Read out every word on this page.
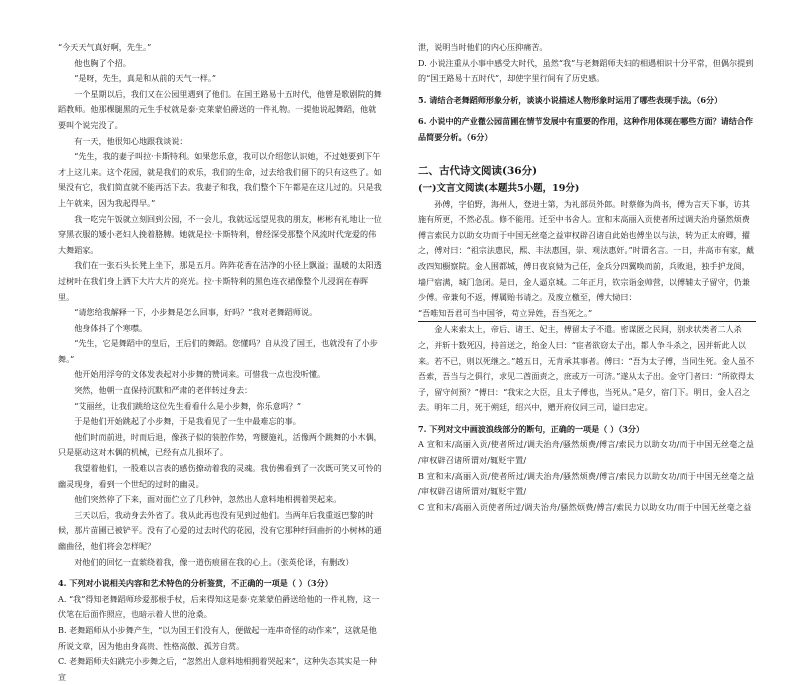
“今天天气真好啊，先生。”

他也胸了个招。

“是呀，先生，真是和从前的天气一样。”

一个星期以后，我们又在公园里遇到了他们。在国王路易十五时代，他曾是歌剧院的舞蹈教师。他那棵腿黑的元生手杖就是泰·克莱蒙伯爵送的一件礼物。一提他说起舞蹈，他就要叫个说完没了。

有一天，他很知心地跟我谈说：

“先生，我的妻子叫拉·卡斯特利。如果您乐意，我可以介绍您认识她，不过她要到下午才上这儿来。这个花园，就是我们的欢乐，我们的生命，过去给我们留下的只有这些了。如果没有它，我们简直就不能再活下去。我妻子和我，我们整个下午都是在这儿过的。只是我上午就来，因为我起得早。”

我一吃完午饭就立刻回到公园，不一会儿，我就远远望见我的朋友，彬彬有礼地让一位穿黑衣服的矮小老妇人挽着胳膊。她就是拉·卡斯特利，曾经深受那整个风流时代宠爱的伟大舞蹈家。

我们在一张石头长凳上坐下，那是五月。阵阵花香在洁净的小径上飘溢；温暖的太阳透过树叶在我们身上洒下大片大片的亮光。拉·卡斯特利的黑色连衣裙像整个儿浸润在春晖里。

“请您给我解释一下，小步舞是怎么回事，好吗？”我对老舞蹈师说。

他身体抖了个寒噤。

“先生，它是舞蹈中的皇后，王后们的舞蹈。您懂吗？自从没了国王，也就没有了小步舞。”

他开始用浮夸的文体发表起对小步舞的赞词来。可惜我一点也没听懂。

突然，他朝一直保持沉默和严肃的老伴转过身去：

“艾丽丝，让我们跳给这位先生看看什么是小步舞，你乐意吗？”

于是他们开始跳起了小步舞，于是我看见了一生中最难忘的事。

他们时而前进，时而后退，像孩子似的装腔作势，弯腰施礼，活像两个跳舞的小木偶，只是驱动这对木偶的机械，已经有点儿损坏了。

我望着他们，一股难以言表的感伤撩动着我的灵魂。我仿佛看到了一次既可笑又可怜的幽灵现身，看到一个世纪的过时的幽灵。

他们突然停了下来，面对面伫立了几秒钟，忽然出人意料地相拥着哭起来。

三天以后，我动身去外省了。我从此再也没有见到过他们。当两年后我重返巴黎的时候，那片苗圃已被铲平。没有了心爱的过去时代的花园，没有它那种纡回曲折的小树林的通幽曲径，他们将会怎样呢？

对他们的回忆一直萦绕着我，像一道伤痕留在我的心上。（张英伦译，有删改）

4. 下列对小说相关内容和艺术特色的分析鉴赏，不正确的一项是（ ）（3分）

A. “我”得知老舞蹈师珍爱那根手杖，后来得知这是泰·克莱蒙伯爵送给他的一件礼物，这一伏笔在后面作照应，也暗示着人世的沧桑。

B. 老舞蹈师从小步舞产生，“以为国王们没有人，便做起一连串奇怪的动作来”，这就是他所说文章，因为他由身高贵、性格高傲、孤芳自赏。

C. 老舞蹈师夫妇跳完小步舞之后，“忽然出人意料地相拥着哭起来”，这种失态其实是一种宣

泄，说明当时他们的内心压抑痛苦。

D. 小说注重从小事中感受大时代，虽然“我”与老舞蹈师夫妇的相遇相识十分平常，但偶尔提到的“国王路易十五时代”，却使字里行间有了历史感。

5. 请结合老舞蹈师形象分析，谈谈小说描述人物形象时运用了哪些表现手法。（6分）

6. 小说中的产业徹公园苗圃在情节发展中有重要的作用，这种作用体现在哪些方面？请结合作品简要分析。（6分）

二、古代诗文阅读(36分)

(一)文言文阅读(本题共5小题，19分)

孙傅，字伯野，海州人，登进士第，为礼部员外郎。时蔡修为尚书，傅为言天下事，访其施有所更，不然必乱。修不能用。迁至中书舍人。宣和末高丽入贡使者所过调夫治舟骚然烦费傅言索民力以助女功而于中国无丝毫之益审权辟召诸自此始也傅坐以与法，转为正太府卿，擢之，傅对曰：“祖宗法惠民，熙、丰法惠国，崇、观法惠奸。”时谓名言。一日，井高市有家，戴改四知橱察院。金人围都城，傅日夜哀恸为己任，金兵分四翼唤而前，兵败退，独手护龙阅，墙尸宿满，城门急闭。是日，金人逼京城。二年正月，钦宗诣金帅营，以傅辅太子留守，仍兼少傅。帝兼旬不返，傅属贻书请之。及废立檄至，傅大恸曰：

“吾唯知吾君可当中国爷，苟立异姓，吾当死之。”

金人来索太上，帝后、诸王、妃主，傅留太子不遣。密谋匿之民间，别求状类者二人杀之，并斩十数死囚，持首送之，绐金人曰：“宦者欲窃太子出，都人争斗杀之，因并斩此人以来。若不已，则以死继之。”越五日，无肯承其事者。傅曰：“吾为太子傅，当同生死。金人虽不吾索，吾当与之俱行，求见二酋面责之，庶或万一可济。”遂从太子出。金守门者曰：“所欲得太子，留守何预？”傅曰：“我宋之大臣，且太子傅也，当死从。”是夕，宿门下。明日，金人召之去。明年二月，死于朔廷，绍兴中，赠开府仪同三司，谥曰忠定。

7. 下列对文中画波浪线部分的断句，正确的一项是（ ）（3分）

A 宣和末/高丽入贡/使者所过/调夫治舟/骚然烦费/傅言/索民力以助女功/而于中国无丝毫之益

/审权辟召诸所谓对/辄贬宇置/

B 宣和末/高丽入贡/使者所过/调夫治舟/骚然烦费/傅言/索民力以助女功/而于中国无丝毫之益

/审权辟召诸所谓对/辄贬宇置/

C 宣和末/高丽入贡使者所过/调夫治舟/骚然烦费/傅言/索民力以助女功/而于中国无丝毫之益
